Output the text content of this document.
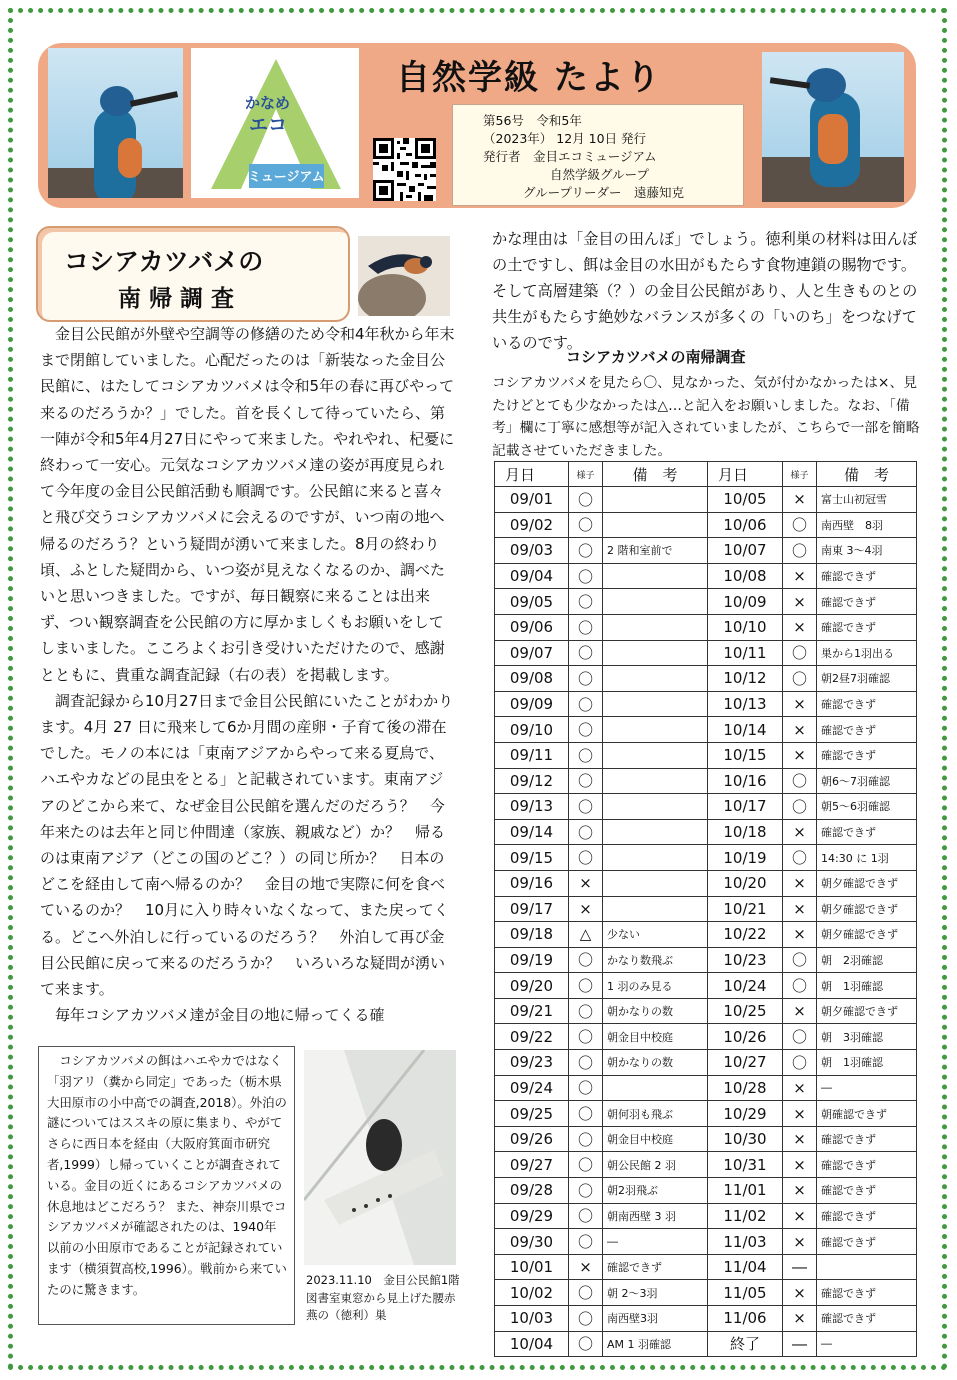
かなめ
エコ
ミュージアム
自然学級 たより
第56号　令和5年
（2023年） 12月 10日 発行
発行者　金目エコミュージアム
自然学級グループ
グループリーダー　遠藤知克
コシアカツバメの
南 帰 調 査

金目公民館が外壁や空調等の修繕のため令和4年秋から年末まで閉館していました。心配だったのは「新装なった金目公民館に、はたしてコシアカツバメは令和5年の春に再びやって来るのだろうか？」でした。首を長くして待っていたら、第一陣が令和5年4月27日にやって来ました。やれやれ、杞憂に終わって一安心。元気なコシアカツバメ達の姿が再度見られて今年度の金目公民館活動も順調です。公民館に来ると喜々と飛び交うコシアカツバメに会えるのですが、いつ南の地へ帰るのだろう？という疑問が湧いて来ました。8月の終わり頃、ふとした疑問から、いつ姿が見えなくなるのか、調べたいと思いつきました。ですが、毎日観察に来ることは出来ず、つい観察調査を公民館の方に厚かましくもお願いをしてしまいました。こころよくお引き受けいただけたので、感謝とともに、貴重な調査記録（右の表）を掲載します。

調査記録から10月27日まで金目公民館にいたことがわかります。4月 27 日に飛来して6か月間の産卵・子育て後の滞在でした。モノの本には「東南アジアからやって来る夏鳥で、ハエやカなどの昆虫をとる」と記載されています。東南アジアのどこから来て、なぜ金目公民館を選んだのだろう？　今年来たのは去年と同じ仲間達（家族、親戚など）か？　帰るのは東南アジア（どこの国のどこ？）の同じ所か？　日本のどこを経由して南へ帰るのか？　金目の地で実際に何を食べているのか？　10月に入り時々いなくなって、また戻ってくる。どこへ外泊しに行っているのだろう？　外泊して再び金目公民館に戻って来るのだろうか？　いろいろな疑問が湧いて来ます。

毎年コシアカツバメ達が金目の地に帰ってくる確

コシアカツバメの餌はハエやカではなく「羽アリ（糞から同定」であった（栃木県大田原市の小中高での調査,2018）。外泊の謎についてはススキの原に集まり、やがてさらに西日本を経由（大阪府箕面市研究者,1999）し帰っていくことが調査されている。金目の近くにあるコシアカツバメの休息地はどこだろう？ また、神奈川県でコシアカツバメが確認されたのは、1940年以前の小田原市であることが記録されています（横須賀高校,1996）。戦前から来ていたのに驚きます。

2023.11.10　金目公民館1階図書室東窓から見上げた腰赤燕の（徳利）巣

かな理由は「金目の田んぼ」でしょう。徳利巣の材料は田んぼの土ですし、餌は金目の水田がもたらす食物連鎖の賜物です。そして高層建築（？）の金目公民館があり、人と生きものとの共生がもたらす絶妙なバランスが多くの「いのち」をつなげているのです。

コシアカツバメの南帰調査

コシアカツバメを見たら〇、見なかった、気が付かなかったは×、見たけどとても少なかったは△…と記入をお願いしました。なお、「備考」欄に丁寧に感想等が記入されていましたが、こちらで一部を簡略記載させていただきました。

月日	様子	備　考	月日	様子	備　考
09/01	〇		10/05	×	富士山初冠雪
09/02	〇		10/06	〇	南西壁　8羽
09/03	〇	2 階和室前で	10/07	〇	南東 3～4羽
09/04	〇		10/08	×	確認できず
09/05	〇		10/09	×	確認できず
09/06	〇		10/10	×	確認できず
09/07	〇		10/11	〇	巣から1羽出る
09/08	〇		10/12	〇	朝2昼7羽確認
09/09	〇		10/13	×	確認できず
09/10	〇		10/14	×	確認できず
09/11	〇		10/15	×	確認できず
09/12	〇		10/16	〇	朝6～7羽確認
09/13	〇		10/17	〇	朝5～6羽確認
09/14	〇		10/18	×	確認できず
09/15	〇		10/19	〇	14:30 に 1羽
09/16	×		10/20	×	朝夕確認できず
09/17	×		10/21	×	朝夕確認できず
09/18	△	少ない	10/22	×	朝夕確認できず
09/19	〇	かなり数飛ぶ	10/23	〇	朝　2羽確認
09/20	〇	1 羽のみ見る	10/24	〇	朝　1羽確認
09/21	〇	朝かなりの数	10/25	×	朝夕確認できず
09/22	〇	朝金目中校庭	10/26	〇	朝　3羽確認
09/23	〇	朝かなりの数	10/27	〇	朝　1羽確認
09/24	〇		10/28	×	―
09/25	〇	朝何羽も飛ぶ	10/29	×	朝確認できず
09/26	〇	朝金目中校庭	10/30	×	確認できず
09/27	〇	朝公民館 2 羽	10/31	×	確認できず
09/28	〇	朝2羽飛ぶ	11/01	×	確認できず
09/29	〇	朝南西壁 3 羽	11/02	×	確認できず
09/30	〇	―	11/03	×	確認できず
10/01	×	確認できず	11/04	―	
10/02	〇	朝 2～3羽	11/05	×	確認できず
10/03	〇	南西壁3羽	11/06	×	確認できず
10/04	〇	AM 1 羽確認	終了	―	―
